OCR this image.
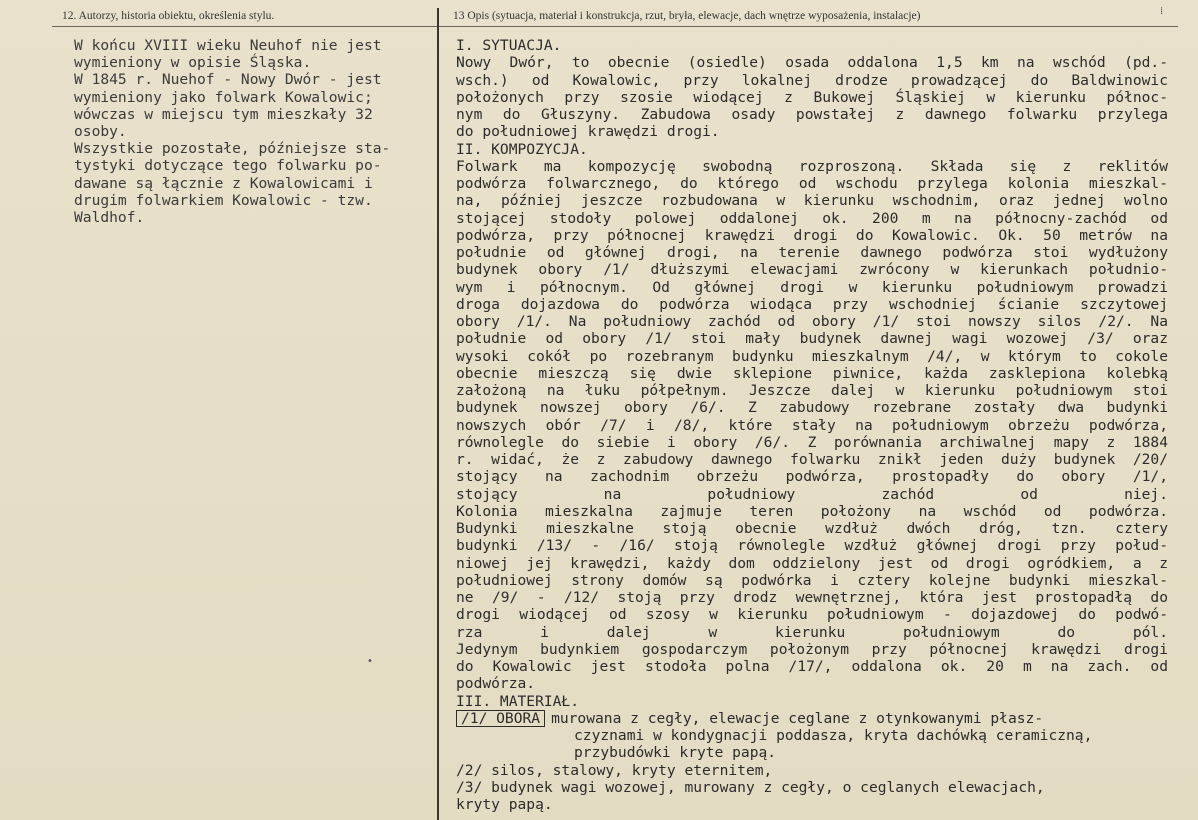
12. Autorzy, historia obiektu, określenia stylu.	13 Opis (sytuacja, materiał i konstrukcja, rzut, bryła, elewacje, dach wnętrze wyposażenia, instalacje)

W końcu XVIII wieku Neuhof nie jest

wymieniony w opisie Śląska.

W 1845 r. Nuehof - Nowy Dwór - jest

wymieniony jako folwark Kowalowic;

wówczas w miejscu tym mieszkały 32

osoby.

Wszystkie pozostałe, późniejsze sta-

tystyki dotyczące tego folwarku po-

dawane są łącznie z Kowalowicami i

drugim folwarkiem Kowalowic - tzw.

Waldhof.

I. SYTUACJA.
Nowy Dwór, to obecnie (osiedle) osada oddalona 1,5 km na wschód (pd.-
wsch.) od Kowalowic, przy lokalnej drodze prowadzącej do Baldwinowic
położonych przy szosie wiodącej z Bukowej Śląskiej w kierunku północ-
nym do Głuszyny. Zabudowa osady powstałej z dawnego folwarku przylega
do południowej krawędzi drogi.
II. KOMPOZYCJA.
Folwark ma kompozycję swobodną rozproszoną. Składa się z reklitów
podwórza folwarcznego, do którego od wschodu przylega kolonia mieszkal-
na, później jeszcze rozbudowana w kierunku wschodnim, oraz jednej wolno
stojącej stodoły polowej oddalonej ok. 200 m na północny-zachód od
podwórza, przy północnej krawędzi drogi do Kowalowic. Ok. 50 metrów na
południe od głównej drogi, na terenie dawnego podwórza stoi wydłużony
budynek obory /1/ dłuższymi elewacjami zwrócony w kierunkach południo-
wym i północnym. Od głównej drogi w kierunku południowym prowadzi
droga dojazdowa do podwórza wiodąca przy wschodniej ścianie szczytowej
obory /1/. Na południowy zachód od obory /1/ stoi nowszy silos /2/. Na
południe od obory /1/ stoi mały budynek dawnej wagi wozowej /3/ oraz
wysoki cokół po rozebranym budynku mieszkalnym /4/, w którym to cokole
obecnie mieszczą się dwie sklepione piwnice, każda zasklepiona kolebką
założoną na łuku półpełnym. Jeszcze dalej w kierunku południowym stoi
budynek nowszej obory /6/. Z zabudowy rozebrane zostały dwa budynki
nowszych obór /7/ i /8/, które stały na południowym obrzeżu podwórza,
równolegle do siebie i obory /6/. Z porównania archiwalnej mapy z 1884
r. widać, że z zabudowy dawnego folwarku znikł jeden duży budynek /20/
stojący na zachodnim obrzeżu podwórza, prostopadły do obory /1/,
stojący na południowy zachód od niej.
Kolonia mieszkalna zajmuje teren położony na wschód od podwórza.
Budynki mieszkalne stoją obecnie wzdłuż dwóch dróg, tzn. cztery
budynki /13/ - /16/ stoją równolegle wzdłuż głównej drogi przy połud-
niowej jej krawędzi, każdy dom oddzielony jest od drogi ogródkiem, a z
południowej strony domów są podwórka i cztery kolejne budynki mieszkal-
ne /9/ - /12/ stoją przy drodz wewnętrznej, która jest prostopadłą do
drogi wiodącej od szosy w kierunku południowym - dojazdowej do podwó-
rza i dalej w kierunku południowym do pól.
Jedynym budynkiem gospodarczym położonym przy północnej krawędzi drogi
do Kowalowic jest stodoła polna /17/, oddalona ok. 20 m na zach. od
podwórza.
III. MATERIAŁ.
/1/ OBORA murowana z cegły, elewacje ceglane z otynkowanymi płasz-
czyznami w kondygnacji poddasza, kryta dachówką ceramiczną,
przybudówki kryte papą.
/2/ silos, stalowy, kryty eternitem,
/3/ budynek wagi wozowej, murowany z cegły, o ceglanych elewacjach,
kryty papą.
⁞
•
